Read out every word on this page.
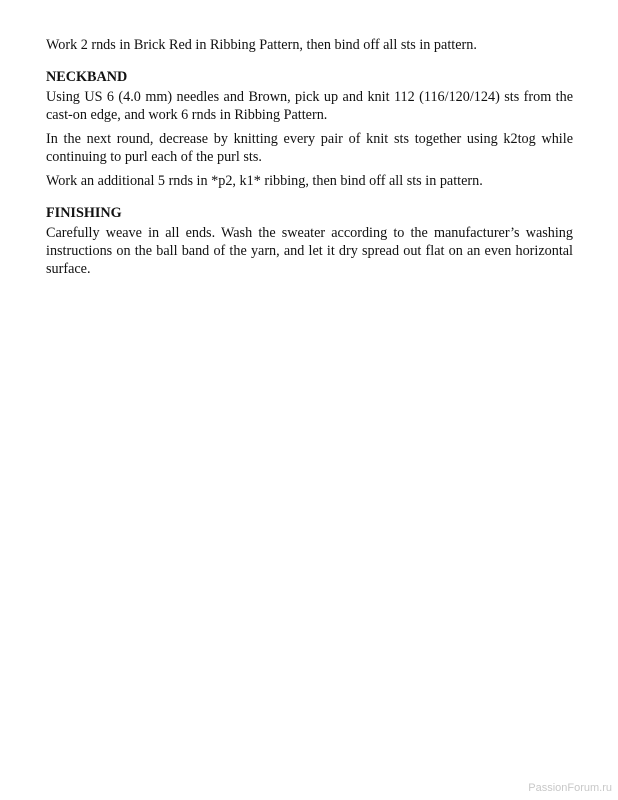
Work 2 rnds in Brick Red in Ribbing Pattern, then bind off all sts in pattern.

NECKBAND

Using US 6 (4.0 mm) needles and Brown, pick up and knit 112 (116/120/124) sts from the cast-on edge, and work 6 rnds in Ribbing Pattern.

In the next round, decrease by knitting every pair of knit sts together using k2tog while continuing to purl each of the purl sts.

Work an additional 5 rnds in *p2, k1* ribbing, then bind off all sts in pattern.

FINISHING

Carefully weave in all ends. Wash the sweater according to the manufacturer’s washing instructions on the ball band of the yarn, and let it dry spread out flat on an even horizontal surface.

PassionForum.ru
